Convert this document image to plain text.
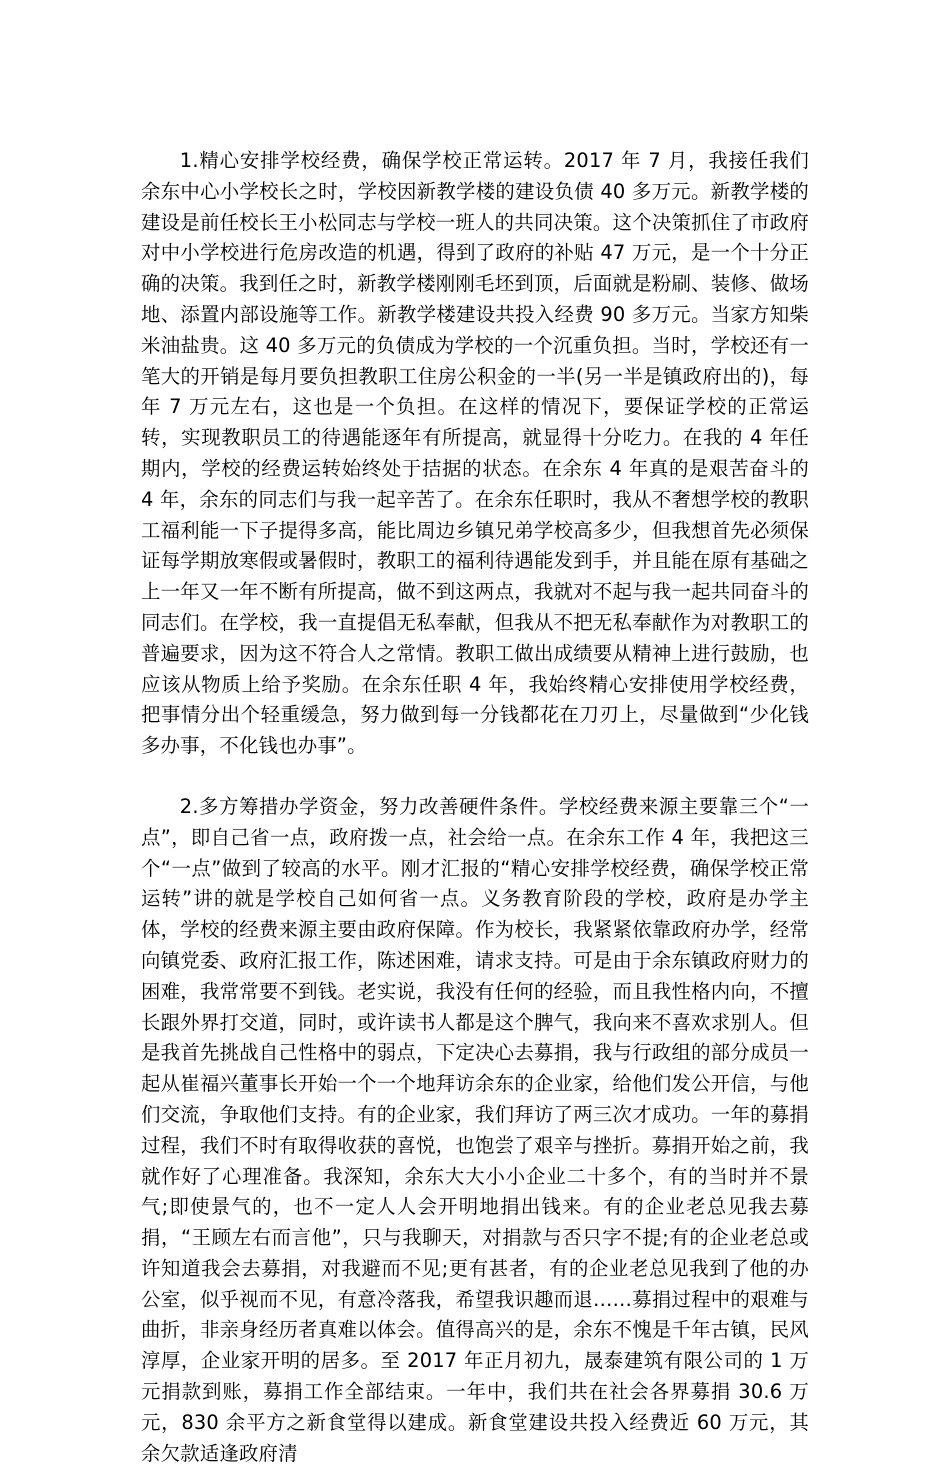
1.精心安排学校经费，确保学校正常运转。2017 年 7 月，我接任我们余东中心小学校长之时，学校因新教学楼的建设负债 40 多万元。新教学楼的建设是前任校长王小松同志与学校一班人的共同决策。这个决策抓住了市政府对中小学校进行危房改造的机遇，得到了政府的补贴 47 万元，是一个十分正确的决策。我到任之时，新教学楼刚刚毛坯到顶，后面就是粉刷、装修、做场地、添置内部设施等工作。新教学楼建设共投入经费 90 多万元。当家方知柴米油盐贵。这 40 多万元的负债成为学校的一个沉重负担。当时，学校还有一笔大的开销是每月要负担教职工住房公积金的一半(另一半是镇政府出的)，每年 7 万元左右，这也是一个负担。在这样的情况下，要保证学校的正常运转，实现教职员工的待遇能逐年有所提高，就显得十分吃力。在我的 4 年任期内，学校的经费运转始终处于拮据的状态。在余东 4 年真的是艰苦奋斗的 4 年，余东的同志们与我一起辛苦了。在余东任职时，我从不奢想学校的教职工福利能一下子提得多高，能比周边乡镇兄弟学校高多少，但我想首先必须保证每学期放寒假或暑假时，教职工的福利待遇能发到手，并且能在原有基础之上一年又一年不断有所提高，做不到这两点，我就对不起与我一起共同奋斗的同志们。在学校，我一直提倡无私奉献，但我从不把无私奉献作为对教职工的普遍要求，因为这不符合人之常情。教职工做出成绩要从精神上进行鼓励，也应该从物质上给予奖励。在余东任职 4 年，我始终精心安排使用学校经费，把事情分出个轻重缓急，努力做到每一分钱都花在刀刃上，尽量做到“少化钱多办事，不化钱也办事”。

2.多方筹措办学资金，努力改善硬件条件。学校经费来源主要靠三个“一点”，即自己省一点，政府拨一点，社会给一点。在余东工作 4 年，我把这三个“一点”做到了较高的水平。刚才汇报的“精心安排学校经费，确保学校正常运转”讲的就是学校自己如何省一点。义务教育阶段的学校，政府是办学主体，学校的经费来源主要由政府保障。作为校长，我紧紧依靠政府办学，经常向镇党委、政府汇报工作，陈述困难，请求支持。可是由于余东镇政府财力的困难，我常常要不到钱。老实说，我没有任何的经验，而且我性格内向，不擅长跟外界打交道，同时，或许读书人都是这个脾气，我向来不喜欢求别人。但是我首先挑战自己性格中的弱点，下定决心去募捐，我与行政组的部分成员一起从崔福兴董事长开始一个一个地拜访余东的企业家，给他们发公开信，与他们交流，争取他们支持。有的企业家，我们拜访了两三次才成功。一年的募捐过程，我们不时有取得收获的喜悦，也饱尝了艰辛与挫折。募捐开始之前，我就作好了心理准备。我深知，余东大大小小企业二十多个，有的当时并不景气;即使景气的，也不一定人人会开明地捐出钱来。有的企业老总见我去募捐，“王顾左右而言他”，只与我聊天，对捐款与否只字不提;有的企业老总或许知道我会去募捐，对我避而不见;更有甚者，有的企业老总见我到了他的办公室，似乎视而不见，有意冷落我，希望我识趣而退……募捐过程中的艰难与曲折，非亲身经历者真难以体会。值得高兴的是，余东不愧是千年古镇，民风淳厚，企业家开明的居多。至 2017 年正月初九，晟泰建筑有限公司的 1 万元捐款到账，募捐工作全部结束。一年中，我们共在社会各界募捐 30.6 万元，830 余平方之新食堂得以建成。新食堂建设共投入经费近 60 万元，其余欠款适逢政府清
